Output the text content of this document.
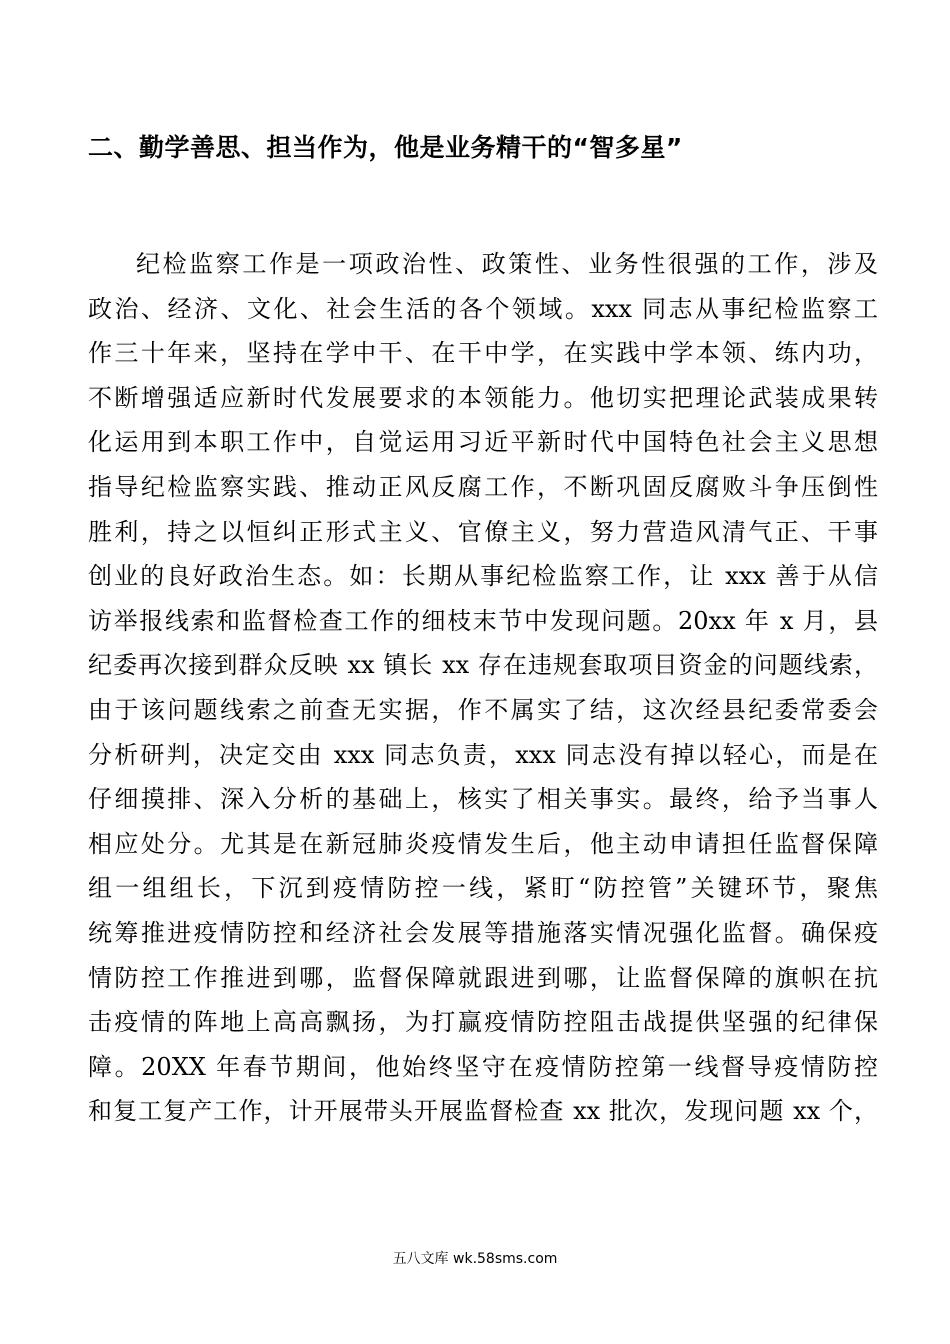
二、勤学善思、担当作为，他是业务精干的“智多星”
纪检监察工作是一项政治性、政策性、业务性很强的工作，涉及
政治、经济、文化、社会生活的各个领域。xxx 同志从事纪检监察工
作三十年来，坚持在学中干、在干中学，在实践中学本领、练内功，
不断增强适应新时代发展要求的本领能力。他切实把理论武装成果转
化运用到本职工作中，自觉运用习近平新时代中国特色社会主义思想
指导纪检监察实践、推动正风反腐工作，不断巩固反腐败斗争压倒性
胜利，持之以恒纠正形式主义、官僚主义，努力营造风清气正、干事
创业的良好政治生态。如：长期从事纪检监察工作，让 xxx 善于从信
访举报线索和监督检查工作的细枝末节中发现问题。20xx 年 x 月，县
纪委再次接到群众反映 xx 镇长 xx 存在违规套取项目资金的问题线索，
由于该问题线索之前查无实据，作不属实了结，这次经县纪委常委会
分析研判，决定交由 xxx 同志负责，xxx 同志没有掉以轻心，而是在
仔细摸排、深入分析的基础上，核实了相关事实。最终，给予当事人
相应处分。尤其是在新冠肺炎疫情发生后，他主动申请担任监督保障
组一组组长，下沉到疫情防控一线，紧盯“防控管”关键环节，聚焦
统筹推进疫情防控和经济社会发展等措施落实情况强化监督。确保疫
情防控工作推进到哪，监督保障就跟进到哪，让监督保障的旗帜在抗
击疫情的阵地上高高飘扬，为打赢疫情防控阻击战提供坚强的纪律保
障。20XX 年春节期间，他始终坚守在疫情防控第一线督导疫情防控
和复工复产工作，计开展带头开展监督检查 xx 批次，发现问题 xx 个，
五八文库 wk.58sms.com
